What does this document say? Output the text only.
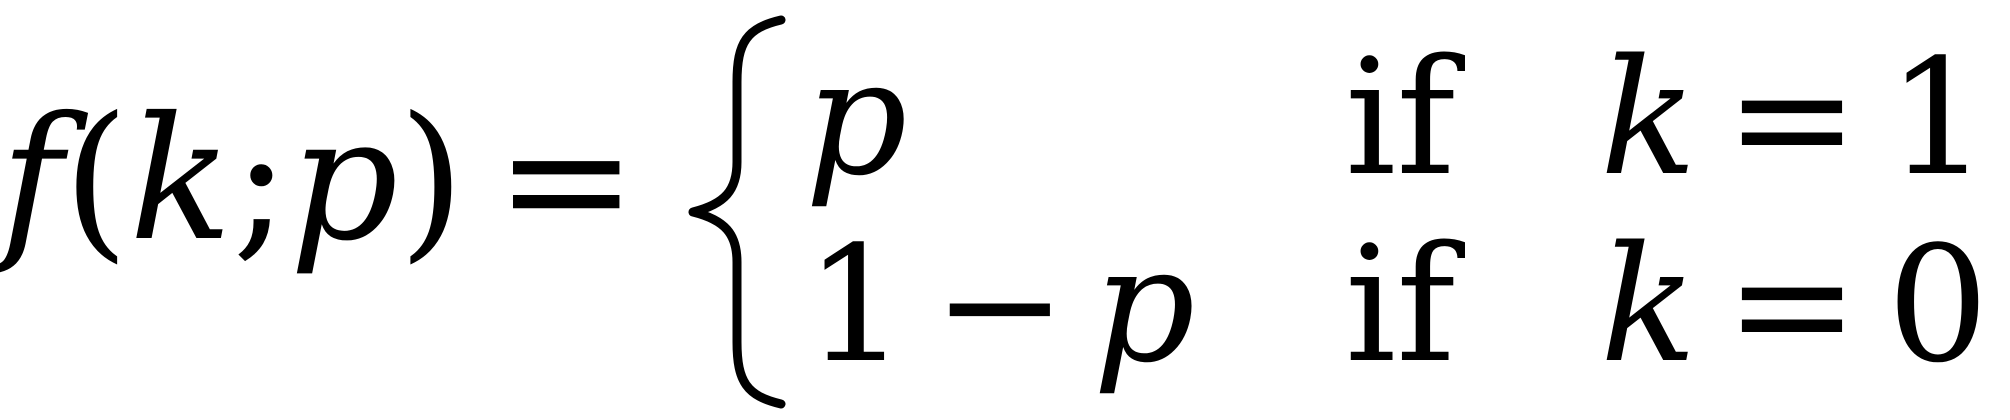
f(k;p) = p	if k = 1
1 − p if k = 0
